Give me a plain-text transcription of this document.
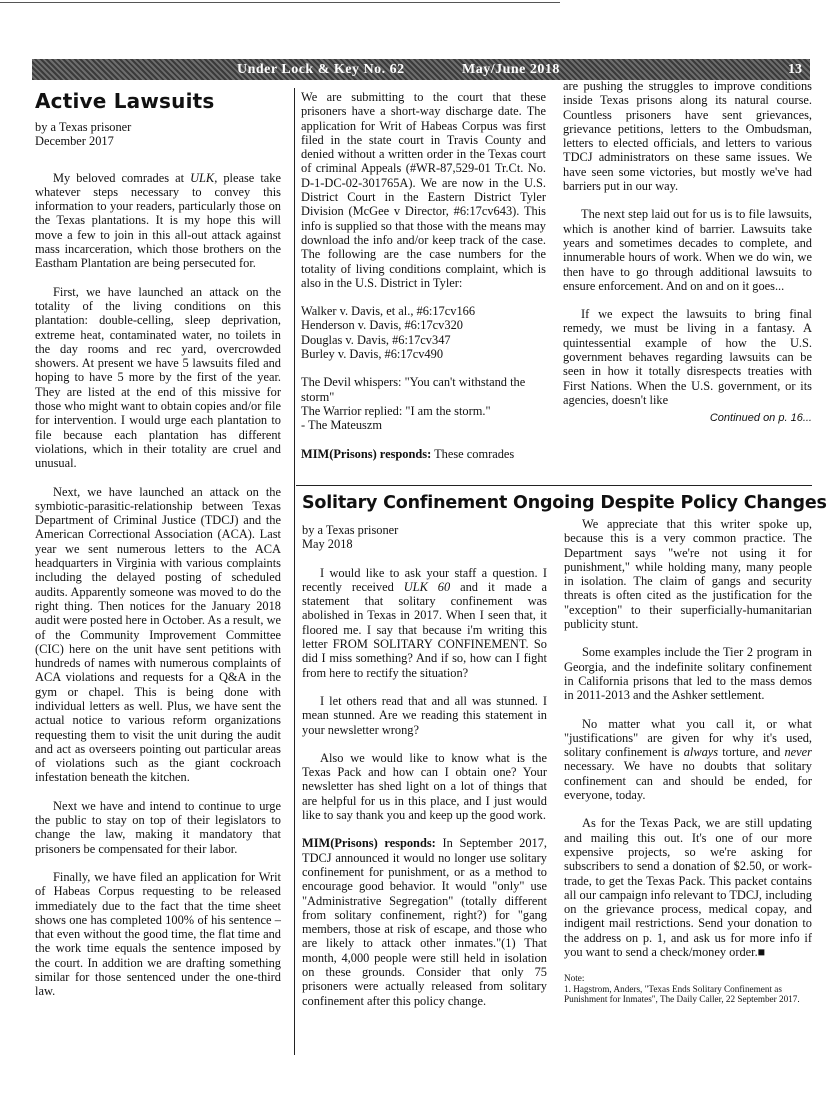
Under Lock & Key No. 62	May/June 2018	13
Active Lawsuits
by a Texas prisoner
December 2017

My beloved comrades at ULK, please take whatever steps necessary to convey this information to your readers, particularly those on the Texas plantations. It is my hope this will move a few to join in this all-out attack against mass incarceration, which those brothers on the Eastham Plantation are being persecuted for.

First, we have launched an attack on the totality of the living conditions on this plantation: double-celling, sleep deprivation, extreme heat, contaminated water, no toilets in the day rooms and rec yard, overcrowded showers. At present we have 5 lawsuits filed and hoping to have 5 more by the first of the year. They are listed at the end of this missive for those who might want to obtain copies and/or file for intervention. I would urge each plantation to file because each plantation has different violations, which in their totality are cruel and unusual.

Next, we have launched an attack on the symbiotic-parasitic-relationship between Texas Department of Criminal Justice (TDCJ) and the American Correctional Association (ACA). Last year we sent numerous letters to the ACA headquarters in Virginia with various complaints including the delayed posting of scheduled audits. Apparently someone was moved to do the right thing. Then notices for the January 2018 audit were posted here in October. As a result, we of the Community Improvement Committee (CIC) here on the unit have sent petitions with hundreds of names with numerous complaints of ACA violations and requests for a Q&A in the gym or chapel. This is being done with individual letters as well. Plus, we have sent the actual notice to various reform organizations requesting them to visit the unit during the audit and act as overseers pointing out particular areas of violations such as the giant cockroach infestation beneath the kitchen.

Next we have and intend to continue to urge the public to stay on top of their legislators to change the law, making it mandatory that prisoners be compensated for their labor.

Finally, we have filed an application for Writ of Habeas Corpus requesting to be released immediately due to the fact that the time sheet shows one has completed 100% of his sentence – that even without the good time, the flat time and the work time equals the sentence imposed by the court. In addition we are drafting something similar for those sentenced under the one-third law.

We are submitting to the court that these prisoners have a short-way discharge date. The application for Writ of Habeas Corpus was first filed in the state court in Travis County and denied without a written order in the Texas court of criminal Appeals (#WR-87,529-01 Tr.Ct. No. D-1-DC-02-301765A). We are now in the U.S. District Court in the Eastern District Tyler Division (McGee v Director, #6:17cv643). This info is supplied so that those with the means may download the info and/or keep track of the case. The following are the case numbers for the totality of living conditions complaint, which is also in the U.S. District in Tyler:

Walker v. Davis, et al., #6:17cv166
Henderson v. Davis, #6:17cv320
Douglas v. Davis, #6:17cv347
Burley v. Davis, #6:17cv490
The Devil whispers: "You can't withstand the storm"
The Warrior replied: "I am the storm."
- The Mateuszm

MIM(Prisons) responds: These comrades

are pushing the struggles to improve conditions inside Texas prisons along its natural course. Countless prisoners have sent grievances, grievance petitions, letters to the Ombudsman, letters to elected officials, and letters to various TDCJ administrators on these same issues. We have seen some victories, but mostly we've had barriers put in our way.

The next step laid out for us is to file lawsuits, which is another kind of barrier. Lawsuits take years and sometimes decades to complete, and innumerable hours of work. When we do win, we then have to go through additional lawsuits to ensure enforcement. And on and on it goes...

If we expect the lawsuits to bring final remedy, we must be living in a fantasy. A quintessential example of how the U.S. government behaves regarding lawsuits can be seen in how it totally disrespects treaties with First Nations. When the U.S. government, or its agencies, doesn't like

Continued on p. 16...
Solitary Confinement Ongoing Despite Policy Changes
by a Texas prisoner
May 2018

I would like to ask your staff a question. I recently received ULK 60 and it made a statement that solitary confinement was abolished in Texas in 2017. When I seen that, it floored me. I say that because i'm writing this letter FROM SOLITARY CONFINEMENT. So did I miss something? And if so, how can I fight from here to rectify the situation?

I let others read that and all was stunned. I mean stunned. Are we reading this statement in your newsletter wrong?

Also we would like to know what is the Texas Pack and how can I obtain one? Your newsletter has shed light on a lot of things that are helpful for us in this place, and I just would like to say thank you and keep up the good work.

MIM(Prisons) responds: In September 2017, TDCJ announced it would no longer use solitary confinement for punishment, or as a method to encourage good behavior. It would "only" use "Administrative Segregation" (totally different from solitary confinement, right?) for "gang members, those at risk of escape, and those who are likely to attack other inmates."(1) That month, 4,000 people were still held in isolation on these grounds. Consider that only 75 prisoners were actually released from solitary confinement after this policy change.

We appreciate that this writer spoke up, because this is a very common practice. The Department says "we're not using it for punishment," while holding many, many people in isolation. The claim of gangs and security threats is often cited as the justification for the "exception" to their superficially-humanitarian publicity stunt.

Some examples include the Tier 2 program in Georgia, and the indefinite solitary confinement in California prisons that led to the mass demos in 2011-2013 and the Ashker settlement.

No matter what you call it, or what "justifications" are given for why it's used, solitary confinement is always torture, and never necessary. We have no doubts that solitary confinement can and should be ended, for everyone, today.

As for the Texas Pack, we are still updating and mailing this out. It's one of our more expensive projects, so we're asking for subscribers to send a donation of $2.50, or work-trade, to get the Texas Pack. This packet contains all our campaign info relevant to TDCJ, including on the grievance process, medical copay, and indigent mail restrictions. Send your donation to the address on p. 1, and ask us for more info if you want to send a check/money order.■

Note:
1. Hagstrom, Anders, "Texas Ends Solitary Confinement as Punishment for Inmates", The Daily Caller, 22 September 2017.
